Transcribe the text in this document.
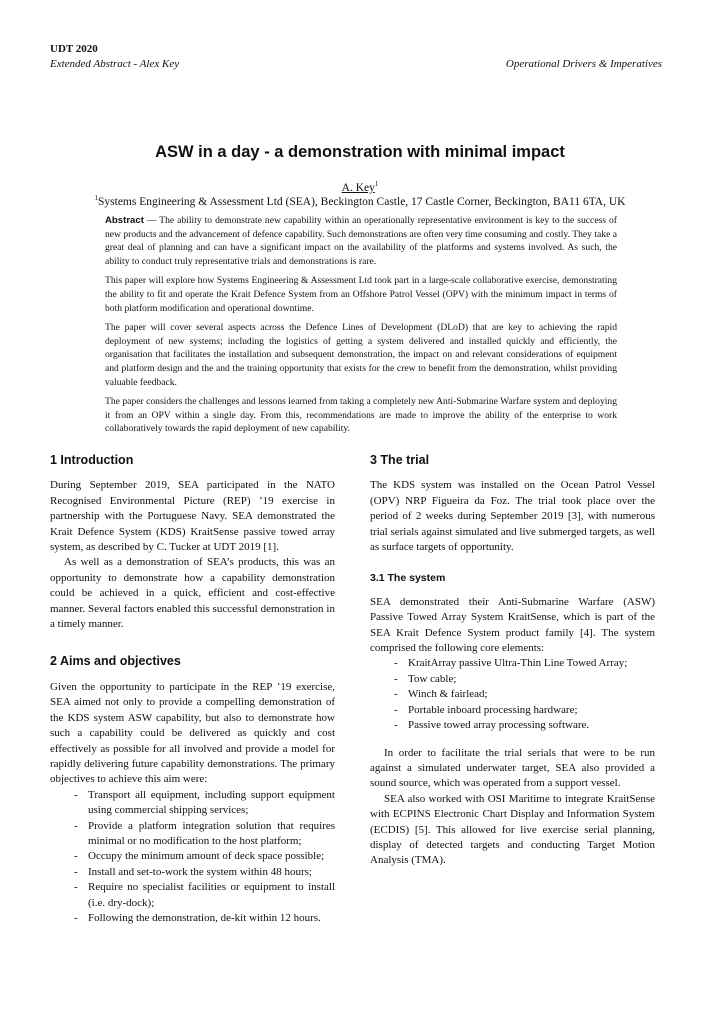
UDT 2020
Extended Abstract - Alex Key	Operational Drivers & Imperatives
ASW in a day - a demonstration with minimal impact
A. Key$^1$
$^1$Systems Engineering & Assessment Ltd (SEA), Beckington Castle, 17 Castle Corner, Beckington, BA11 6TA, UK

Abstract — The ability to demonstrate new capability within an operationally representative environment is key to the success of new products and the advancement of defence capability. Such demonstrations are often very time consuming and costly. They take a great deal of planning and can have a significant impact on the availability of the platforms and systems involved. As such, the ability to conduct truly representative trials and demonstrations is rare.

This paper will explore how Systems Engineering & Assessment Ltd took part in a large-scale collaborative exercise, demonstrating the ability to fit and operate the Krait Defence System from an Offshore Patrol Vessel (OPV) with the minimum impact in terms of both platform modification and operational downtime.

The paper will cover several aspects across the Defence Lines of Development (DLoD) that are key to achieving the rapid deployment of new systems; including the logistics of getting a system delivered and installed quickly and efficiently, the organisation that facilitates the installation and subsequent demonstration, the impact on and relevant considerations of equipment and platform design and the and the training opportunity that exists for the crew to benefit from the demonstration, whilst providing valuable feedback.

The paper considers the challenges and lessons learned from taking a completely new Anti-Submarine Warfare system and deploying it from an OPV within a single day. From this, recommendations are made to improve the ability of the enterprise to work collaboratively towards the rapid deployment of new capability.

1 Introduction

During September 2019, SEA participated in the NATO Recognised Environmental Picture (REP) ’19 exercise in partnership with the Portuguese Navy. SEA demonstrated the Krait Defence System (KDS) KraitSense passive towed array system, as described by C. Tucker at UDT 2019 [1].

As well as a demonstration of SEA’s products, this was an opportunity to demonstrate how a capability demonstration could be achieved in a quick, efficient and cost-effective manner. Several factors enabled this successful demonstration in a timely manner.

2 Aims and objectives

Given the opportunity to participate in the REP ’19 exercise, SEA aimed not only to provide a compelling demonstration of the KDS system ASW capability, but also to demonstrate how such a capability could be delivered as quickly and cost effectively as possible for all involved and provide a model for rapidly delivering future capability demonstrations. The primary objectives to achieve this aim were:

- Transport all equipment, including support equipment using commercial shipping services;
- Provide a platform integration solution that requires minimal or no modification to the host platform;
- Occupy the minimum amount of deck space possible;
- Install and set-to-work the system within 48 hours;
- Require no specialist facilities or equipment to install (i.e. dry-dock);
- Following the demonstration, de-kit within 12 hours.
3 The trial

The KDS system was installed on the Ocean Patrol Vessel (OPV) NRP Figueira da Foz. The trial took place over the period of 2 weeks during September 2019 [3], with numerous trial serials against simulated and live submerged targets, as well as surface targets of opportunity.

3.1 The system

SEA demonstrated their Anti-Submarine Warfare (ASW) Passive Towed Array System KraitSense, which is part of the SEA Krait Defence System product family [4]. The system comprised the following core elements:

- KraitArray passive Ultra-Thin Line Towed Array;
- Tow cable;
- Winch & fairlead;
- Portable inboard processing hardware;
- Passive towed array processing software.

In order to facilitate the trial serials that were to be run against a simulated underwater target, SEA also provided a sound source, which was operated from a support vessel.

SEA also worked with OSI Maritime to integrate KraitSense with ECPINS Electronic Chart Display and Information System (ECDIS) [5]. This allowed for live exercise serial planning, display of detected targets and conducting Target Motion Analysis (TMA).
